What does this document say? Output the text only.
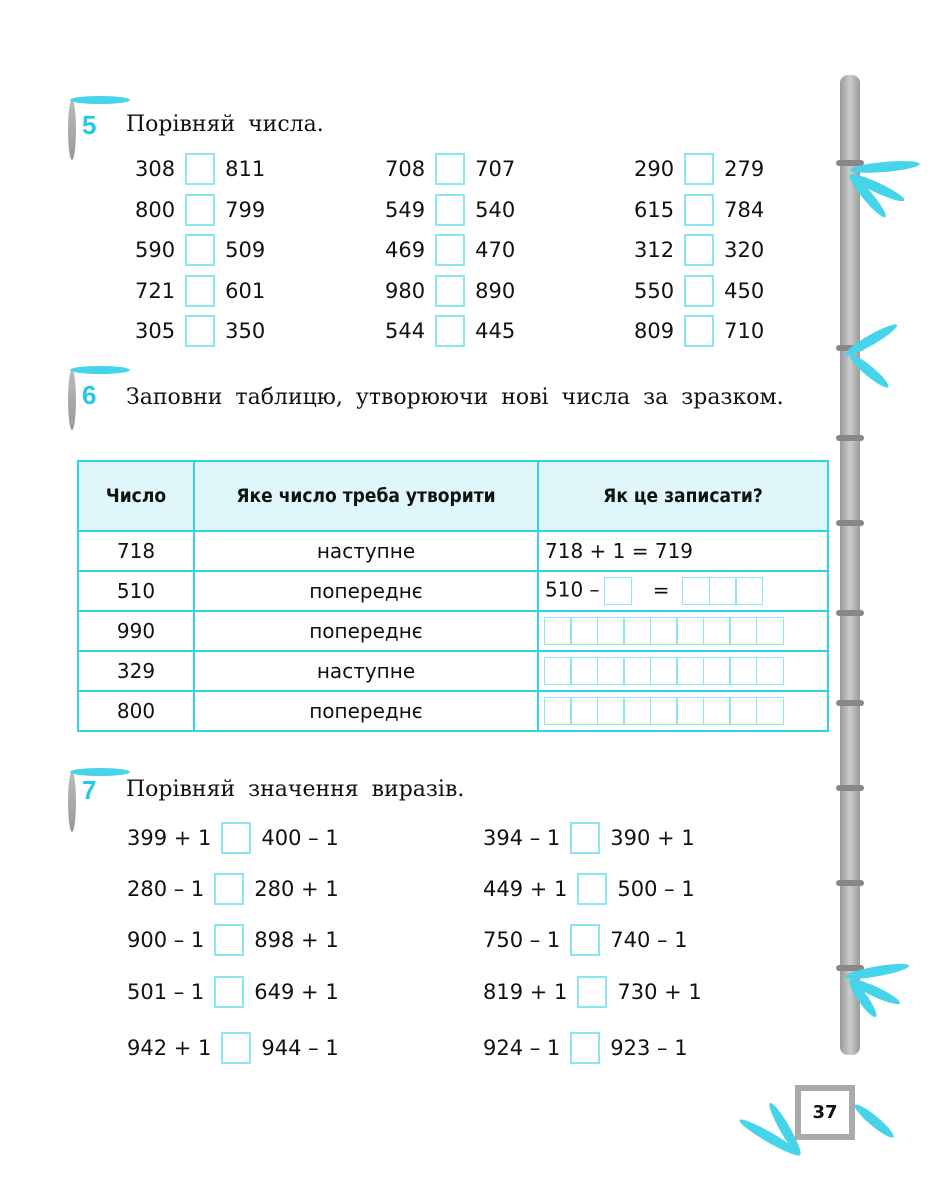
5 Порівняй числа.
308 811	708 707	290 279
800 799	549 540	615 784
590 509	469 470	312 320
721 601	980 890	550 450
305 350	544 445	809 710
6 Заповни таблицю, утворюючи нові числа за зразком.
Число	Яке число треба утворити	Як це записати?
718	наступне	718 + 1 = 719
510	попереднє	510 – =

990	попереднє	

329	наступне	

800	попереднє	
7 Порівняй значення виразів.
399 + 1 400 – 1	394 – 1 390 + 1
280 – 1 280 + 1	449 + 1 500 – 1
900 – 1 898 + 1	750 – 1 740 – 1
501 – 1 649 + 1	819 + 1 730 + 1
942 + 1 944 – 1	924 – 1 923 – 1
37
